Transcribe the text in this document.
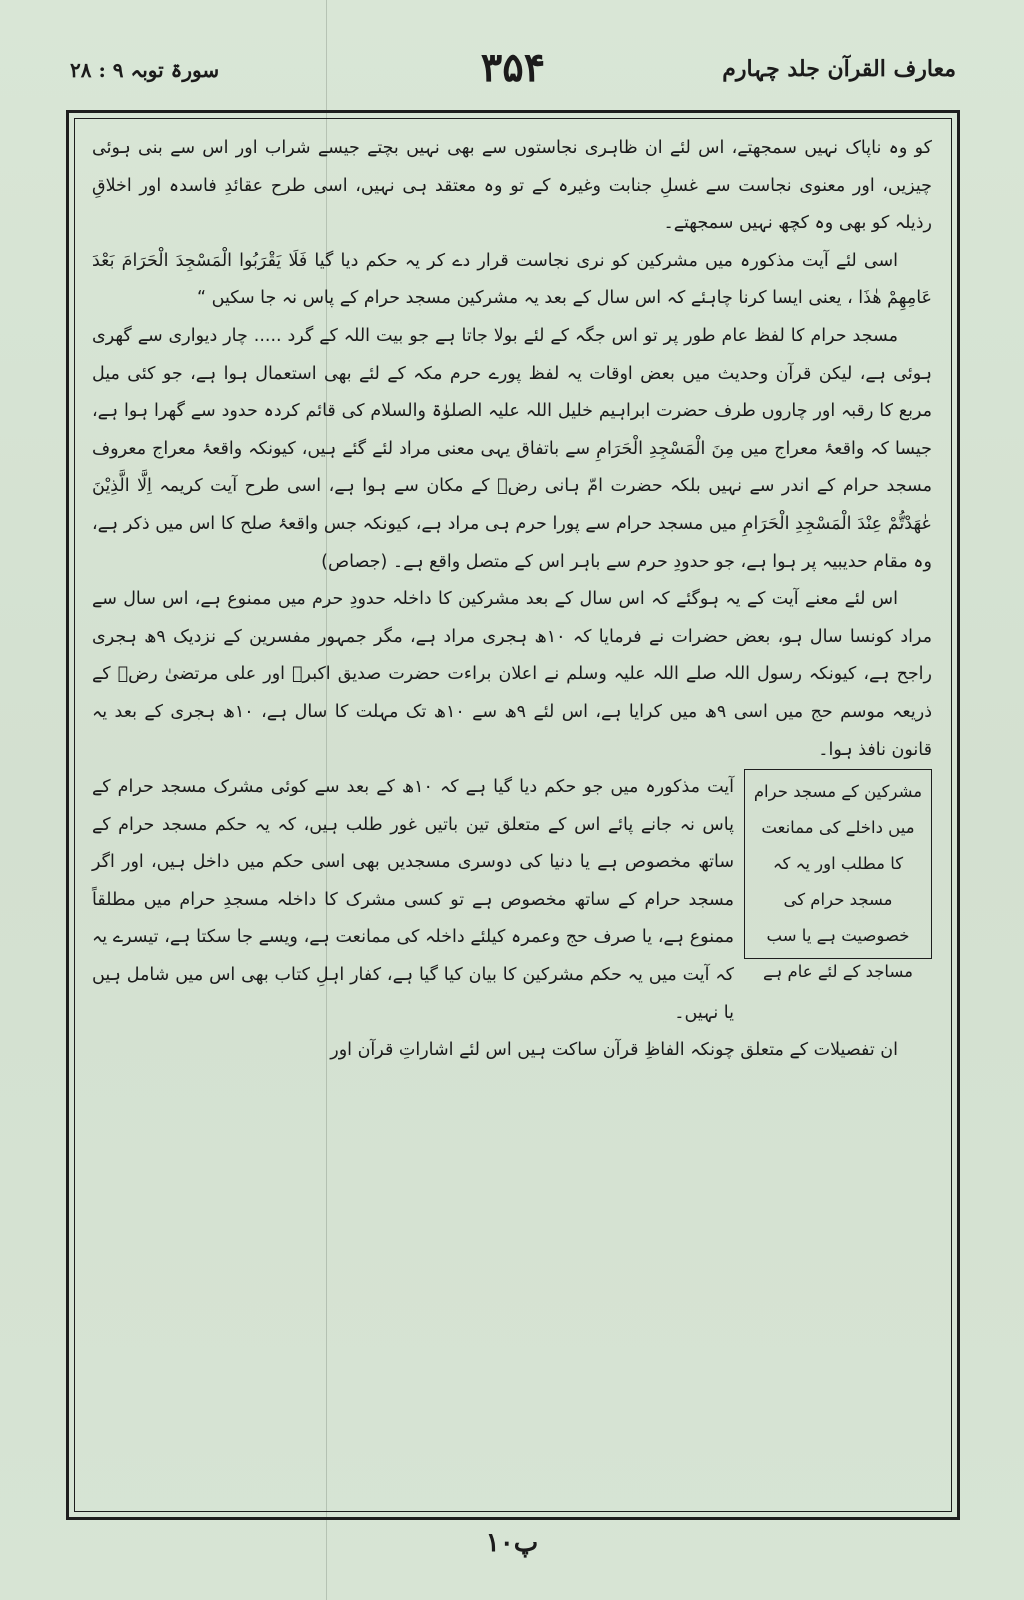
معارف القرآن جلد چہارم
۳۵۴
سورۃ توبہ ۹ : ۲۸

کو وہ ناپاک نہیں سمجھتے، اس لئے ان ظاہری نجاستوں سے بھی نہیں بچتے جیسے شراب اور اس سے بنی ہوئی چیزیں، اور معنوی نجاست سے غسلِ جنابت وغیرہ کے تو وہ معتقد ہی نہیں، اسی طرح عقائدِ فاسدہ اور اخلاقِ رذیلہ کو بھی وہ کچھ نہیں سمجھتے۔

اسی لئے آیت مذکورہ میں مشرکین کو نری نجاست قرار دے کر یہ حکم دیا گیا فَلَا يَقْرَبُوا الْمَسْجِدَ الْحَرَامَ بَعْدَ عَامِهِمْ هٰذَا ، یعنی ایسا کرنا چاہئے کہ اس سال کے بعد یہ مشرکین مسجد حرام کے پاس نہ جا سکیں “

مسجد حرام کا لفظ عام طور پر تو اس جگہ کے لئے بولا جاتا ہے جو بیت اللہ کے گرد ..... چار دیواری سے گھری ہوئی ہے، لیکن قرآن وحدیث میں بعض اوقات یہ لفظ پورے حرم مکہ کے لئے بھی استعمال ہوا ہے، جو کئی میل مربع کا رقبہ اور چاروں طرف حضرت ابراہیم خلیل اللہ علیہ الصلوٰۃ والسلام کی قائم کردہ حدود سے گھرا ہوا ہے، جیسا کہ واقعۂ معراج میں مِنَ الْمَسْجِدِ الْحَرَامِ سے باتفاق یہی معنی مراد لئے گئے ہیں، کیونکہ واقعۂ معراج معروف مسجد حرام کے اندر سے نہیں بلکہ حضرت امّ ہانی رضؓ کے مکان سے ہوا ہے، اسی طرح آیت کریمہ اِلَّا الَّذِيْنَ عٰهَدْتُّمْ عِنْدَ الْمَسْجِدِ الْحَرَامِ میں مسجد حرام سے پورا حرم ہی مراد ہے، کیونکہ جس واقعۂ صلح کا اس میں ذکر ہے، وہ مقام حدیبیہ پر ہوا ہے، جو حدودِ حرم سے باہر اس کے متصل واقع ہے۔ (جصاص)

اس لئے معنے آیت کے یہ ہوگئے کہ اس سال کے بعد مشرکین کا داخلہ حدودِ حرم میں ممنوع ہے، اس سال سے مراد کونسا سال ہو، بعض حضرات نے فرمایا کہ ۱۰ھ ہجری مراد ہے، مگر جمہور مفسرین کے نزدیک ۹ھ ہجری راجح ہے، کیونکہ رسول اللہ صلے اللہ علیہ وسلم نے اعلان براءت حضرت صدیق اکبرؓ اور علی مرتضیٰ رضؓ کے ذریعہ موسم حج میں اسی ۹ھ میں کرایا ہے، اس لئے ۹ھ سے ۱۰ھ تک مہلت کا سال ہے، ۱۰ھ ہجری کے بعد یہ قانون نافذ ہوا۔

مشرکین کے مسجد حرام میں داخلے کی ممانعت کا مطلب اور یہ کہ مسجد حرام کی خصوصیت ہے یا سب مساجد کے لئے عام ہے
آیت مذکورہ میں جو حکم دیا گیا ہے کہ ۱۰ھ کے بعد سے کوئی مشرک مسجد حرام کے پاس نہ جانے پائے اس کے متعلق تین باتیں غور طلب ہیں، کہ یہ حکم مسجد حرام کے ساتھ مخصوص ہے یا دنیا کی دوسری مسجدیں بھی اسی حکم میں داخل ہیں، اور اگر مسجد حرام کے ساتھ مخصوص ہے تو کسی مشرک کا داخلہ مسجدِ حرام میں مطلقاً ممنوع ہے، یا صرف حج وعمرہ کیلئے داخلہ کی ممانعت ہے، ویسے جا سکتا ہے، تیسرے یہ کہ آیت میں یہ حکم مشرکین کا بیان کیا گیا ہے، کفار اہلِ کتاب بھی اس میں شامل ہیں یا نہیں۔

ان تفصیلات کے متعلق چونکہ الفاظِ قرآن ساکت ہیں اس لئے اشاراتِ قرآن اور

پ۱۰
